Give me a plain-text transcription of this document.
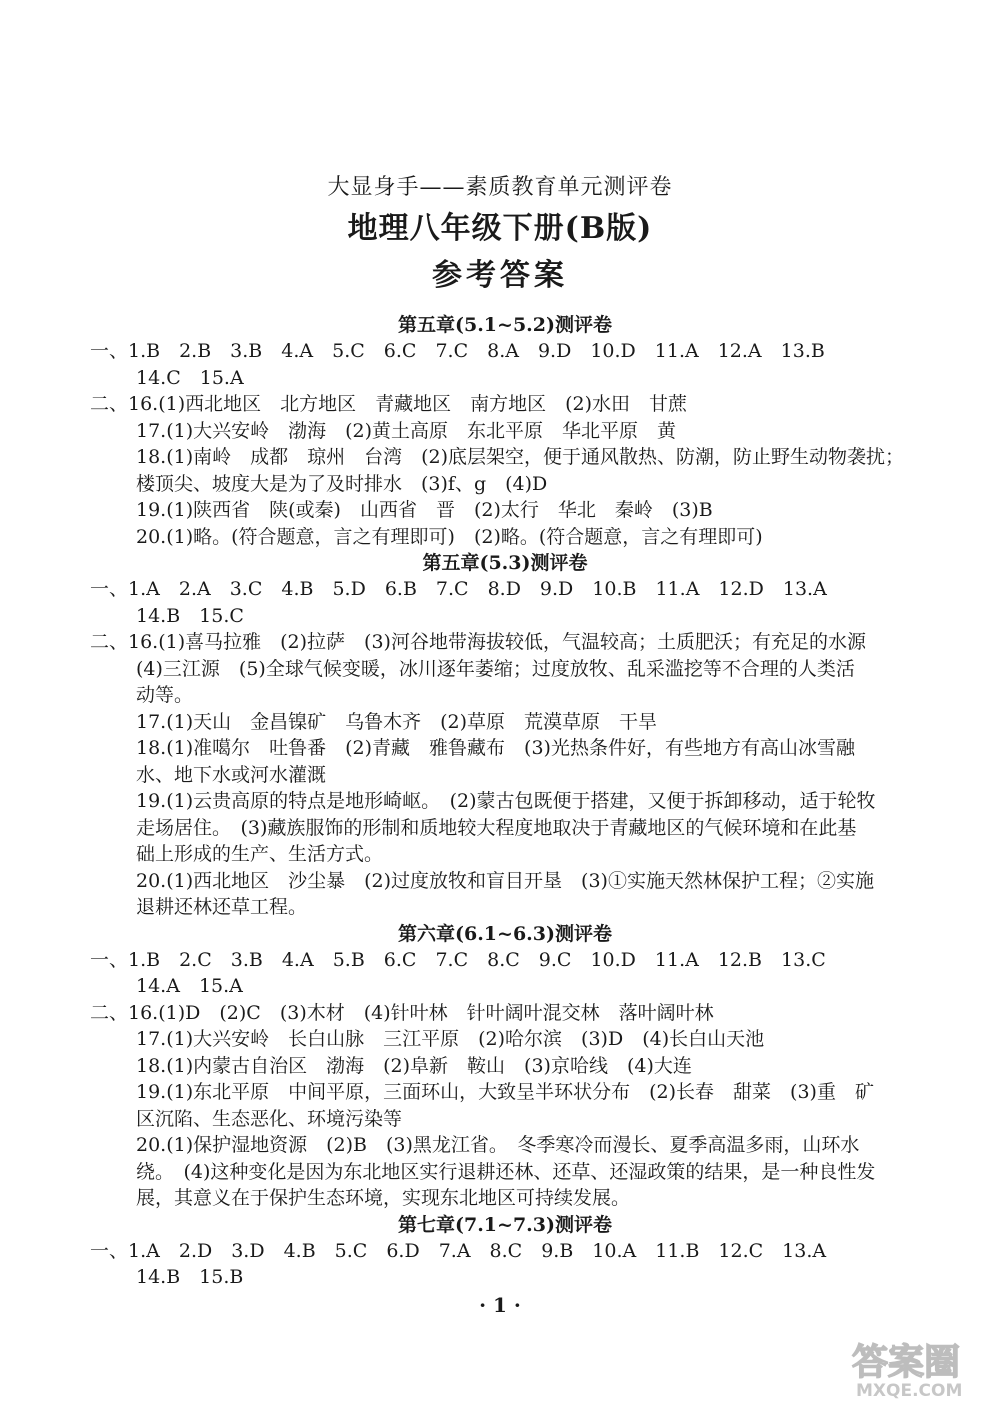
大显身手——素质教育单元测评卷
地理八年级下册(B版)
参考答案
第五章(5.1~5.2)测评卷
一、1.B　2.B　3.B　4.A　5.C　6.C　7.C　8.A　9.D　10.D　11.A　12.A　13.B
14.C　15.A
二、16.(1)西北地区　北方地区　青藏地区　南方地区　(2)水田　甘蔗
17.(1)大兴安岭　渤海　(2)黄土高原　东北平原　华北平原　黄
18.(1)南岭　成都　琼州　台湾　(2)底层架空，便于通风散热、防潮，防止野生动物袭扰；
楼顶尖、坡度大是为了及时排水　(3)f、g　(4)D
19.(1)陕西省　陕(或秦)　山西省　晋　(2)太行　华北　秦岭　(3)B
20.(1)略。(符合题意，言之有理即可)　(2)略。(符合题意，言之有理即可)
第五章(5.3)测评卷
一、1.A　2.A　3.C　4.B　5.D　6.B　7.C　8.D　9.D　10.B　11.A　12.D　13.A
14.B　15.C
二、16.(1)喜马拉雅　(2)拉萨　(3)河谷地带海拔较低，气温较高；土质肥沃；有充足的水源
(4)三江源　(5)全球气候变暖，冰川逐年萎缩；过度放牧、乱采滥挖等不合理的人类活
动等。
17.(1)天山　金昌镍矿　乌鲁木齐　(2)草原　荒漠草原　干旱
18.(1)准噶尔　吐鲁番　(2)青藏　雅鲁藏布　(3)光热条件好，有些地方有高山冰雪融
水、地下水或河水灌溉
19.(1)云贵高原的特点是地形崎岖。　(2)蒙古包既便于搭建，又便于拆卸移动，适于轮牧
走场居住。　(3)藏族服饰的形制和质地较大程度地取决于青藏地区的气候环境和在此基
础上形成的生产、生活方式。
20.(1)西北地区　沙尘暴　(2)过度放牧和盲目开垦　(3)①实施天然林保护工程；②实施
退耕还林还草工程。
第六章(6.1~6.3)测评卷
一、1.B　2.C　3.B　4.A　5.B　6.C　7.C　8.C　9.C　10.D　11.A　12.B　13.C
14.A　15.A
二、16.(1)D　(2)C　(3)木材　(4)针叶林　针叶阔叶混交林　落叶阔叶林
17.(1)大兴安岭　长白山脉　三江平原　(2)哈尔滨　(3)D　(4)长白山天池
18.(1)内蒙古自治区　渤海　(2)阜新　鞍山　(3)京哈线　(4)大连
19.(1)东北平原　中间平原，三面环山，大致呈半环状分布　(2)长春　甜菜　(3)重　矿
区沉陷、生态恶化、环境污染等
20.(1)保护湿地资源　(2)B　(3)黑龙江省。　冬季寒冷而漫长、夏季高温多雨，山环水
绕。　(4)这种变化是因为东北地区实行退耕还林、还草、还湿政策的结果，是一种良性发
展，其意义在于保护生态环境，实现东北地区可持续发展。
第七章(7.1~7.3)测评卷
一、1.A　2.D　3.D　4.B　5.C　6.D　7.A　8.C　9.B　10.A　11.B　12.C　13.A
14.B　15.B
· 1 ·
答案圈
MXQE.COM
